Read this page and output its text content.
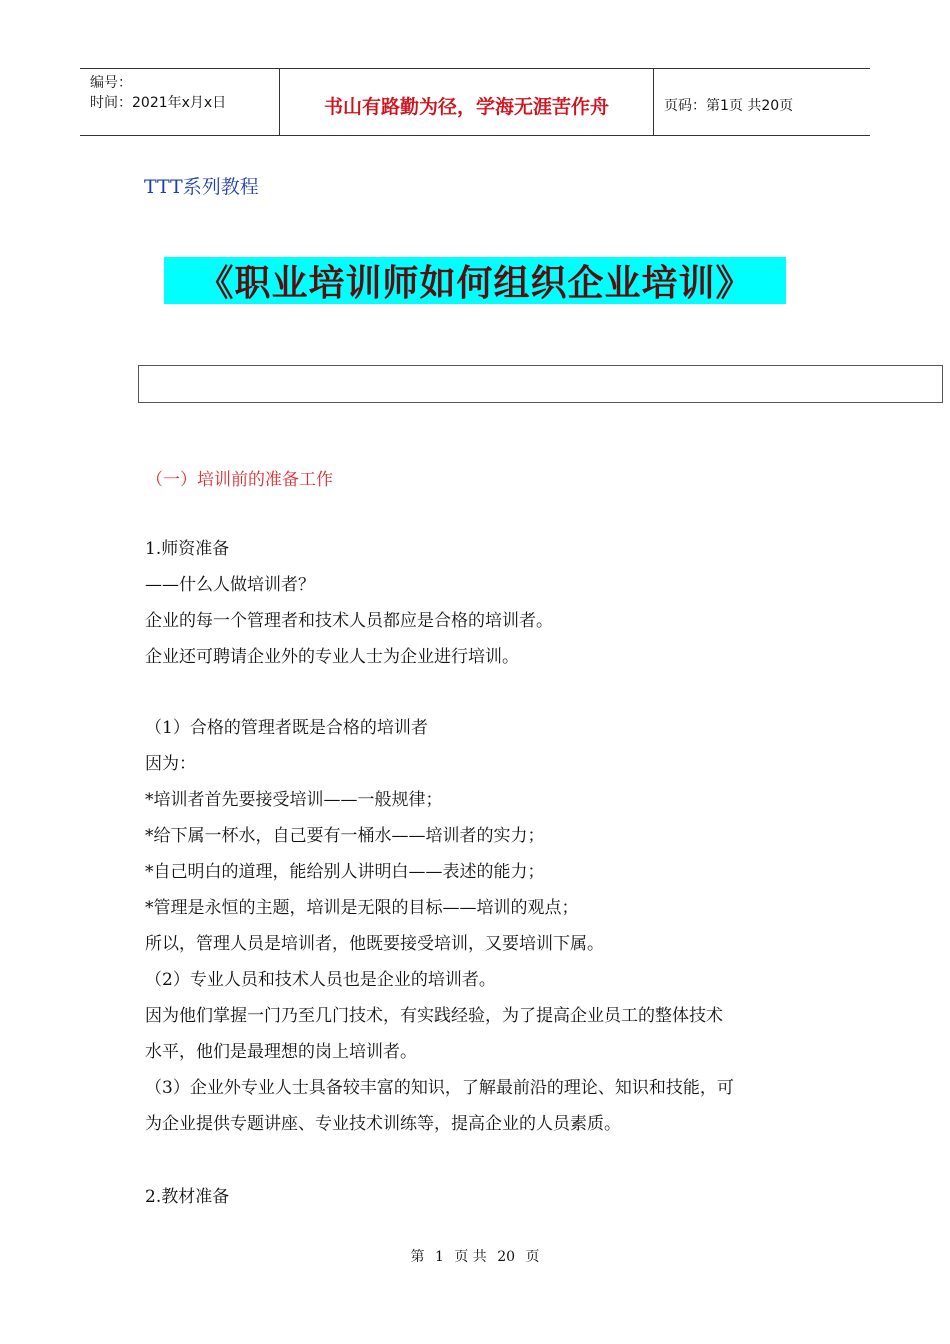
编号：
时间：2021年x月x日	书山有路勤为径，学海无涯苦作舟	页码：第1页 共20页
TTT系列教程
《职业培训师如何组织企业培训》
（一）培训前的准备工作
1.师资准备
——什么人做培训者？
企业的每一个管理者和技术人员都应是合格的培训者。
企业还可聘请企业外的专业人士为企业进行培训。
（1）合格的管理者既是合格的培训者
因为：
*培训者首先要接受培训——一般规律；
*给下属一杯水，自己要有一桶水——培训者的实力；
*自己明白的道理，能给别人讲明白——表述的能力；
*管理是永恒的主题，培训是无限的目标——培训的观点；
所以，管理人员是培训者，他既要接受培训，又要培训下属。
（2）专业人员和技术人员也是企业的培训者。
因为他们掌握一门乃至几门技术，有实践经验，为了提高企业员工的整体技术
水平，他们是最理想的岗上培训者。
（3）企业外专业人士具备较丰富的知识，了解最前沿的理论、知识和技能，可
为企业提供专题讲座、专业技术训练等，提高企业的人员素质。
2.教材准备
第 1 页 共 20 页
